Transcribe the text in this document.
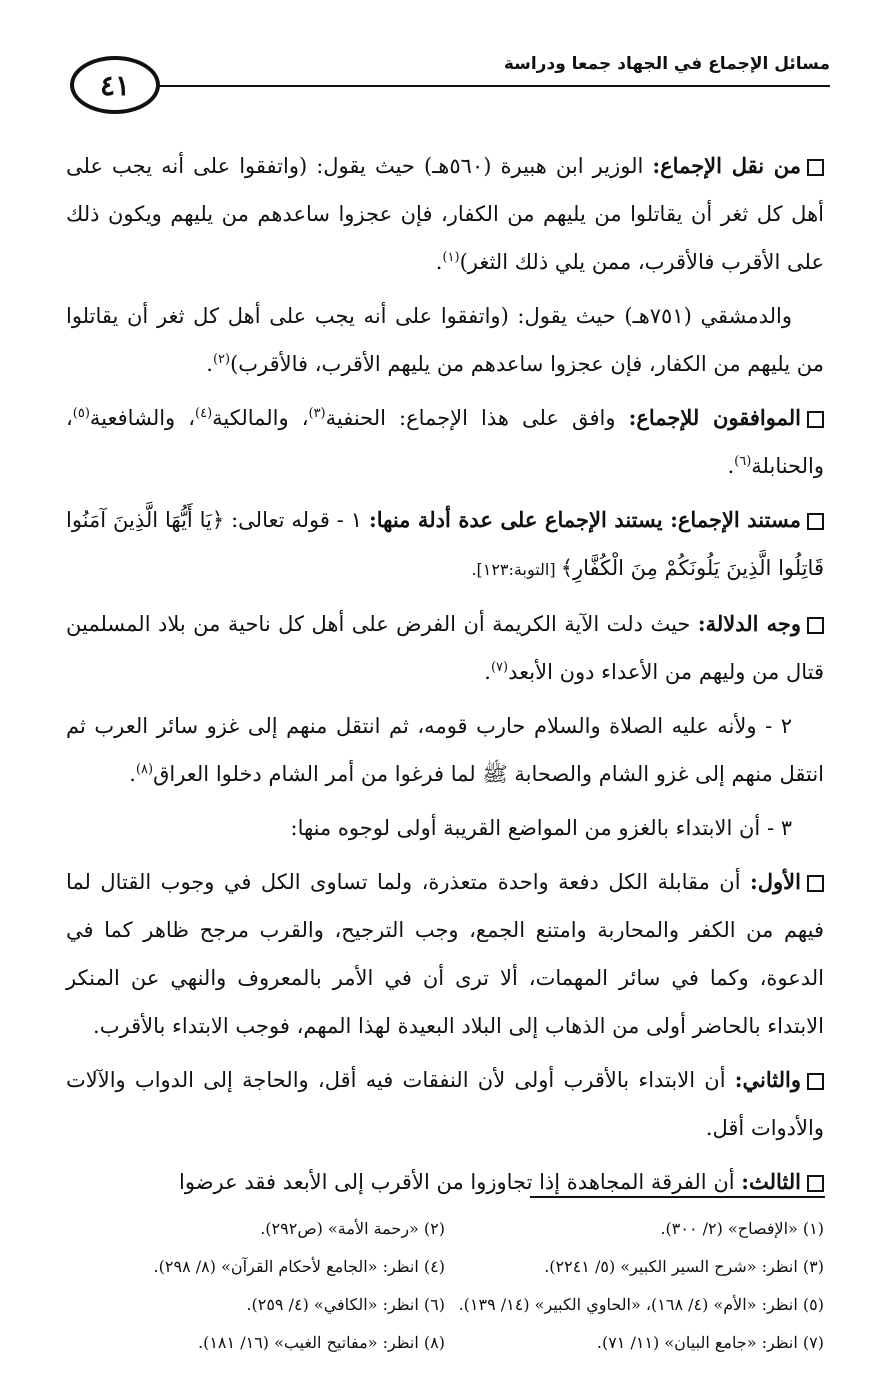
٤١
مسائل الإجماع في الجهاد جمعا ودراسة

من نقل الإجماع: الوزير ابن هبيرة (٥٦٠هـ) حيث يقول: (واتفقوا على أنه يجب على أهل كل ثغر أن يقاتلوا من يليهم من الكفار، فإن عجزوا ساعدهم من يليهم ويكون ذلك على الأقرب فالأقرب، ممن يلي ذلك الثغر)$^{(١)}$.

والدمشقي (٧٥١هـ) حيث يقول: (واتفقوا على أنه يجب على أهل كل ثغر أن يقاتلوا من يليهم من الكفار، فإن عجزوا ساعدهم من يليهم الأقرب، فالأقرب)$^{(٢)}$.

الموافقون للإجماع: وافق على هذا الإجماع: الحنفية$^{(٣)}$، والمالكية$^{(٤)}$، والشافعية$^{(٥)}$، والحنابلة$^{(٦)}$.

مستند الإجماع: يستند الإجماع على عدة أدلة منها: ١ - قوله تعالى: ﴿يَا أَيُّهَا الَّذِينَ آمَنُوا قَاتِلُوا الَّذِينَ يَلُونَكُمْ مِنَ الْكُفَّارِ﴾ [التوبة:١٢٣].

وجه الدلالة: حيث دلت الآية الكريمة أن الفرض على أهل كل ناحية من بلاد المسلمين قتال من وليهم من الأعداء دون الأبعد$^{(٧)}$.

٢ - ولأنه عليه الصلاة والسلام حارب قومه، ثم انتقل منهم إلى غزو سائر العرب ثم انتقل منهم إلى غزو الشام والصحابة ﷺ لما فرغوا من أمر الشام دخلوا العراق$^{(٨)}$.

٣ - أن الابتداء بالغزو من المواضع القريبة أولى لوجوه منها:

الأول: أن مقابلة الكل دفعة واحدة متعذرة، ولما تساوى الكل في وجوب القتال لما فيهم من الكفر والمحاربة وامتنع الجمع، وجب الترجيح، والقرب مرجح ظاهر كما في الدعوة، وكما في سائر المهمات، ألا ترى أن في الأمر بالمعروف والنهي عن المنكر الابتداء بالحاضر أولى من الذهاب إلى البلاد البعيدة لهذا المهم، فوجب الابتداء بالأقرب.

والثاني: أن الابتداء بالأقرب أولى لأن النفقات فيه أقل، والحاجة إلى الدواب والآلات والأدوات أقل.

الثالث: أن الفرقة المجاهدة إذا تجاوزوا من الأقرب إلى الأبعد فقد عرضوا

(١) «الإفصاح» (٢/ ٣٠٠).
(٢) «رحمة الأمة» (ص٢٩٢).
(٣) انظر: «شرح السير الكبير» (٥/ ٢٢٤١).
(٤) انظر: «الجامع لأحكام القرآن» (٨/ ٢٩٨).
(٥) انظر: «الأم» (٤/ ١٦٨)، «الحاوي الكبير» (١٤/ ١٣٩).
(٦) انظر: «الكافي» (٤/ ٢٥٩).
(٧) انظر: «جامع البيان» (١١/ ٧١).
(٨) انظر: «مفاتيح الغيب» (١٦/ ١٨١).
